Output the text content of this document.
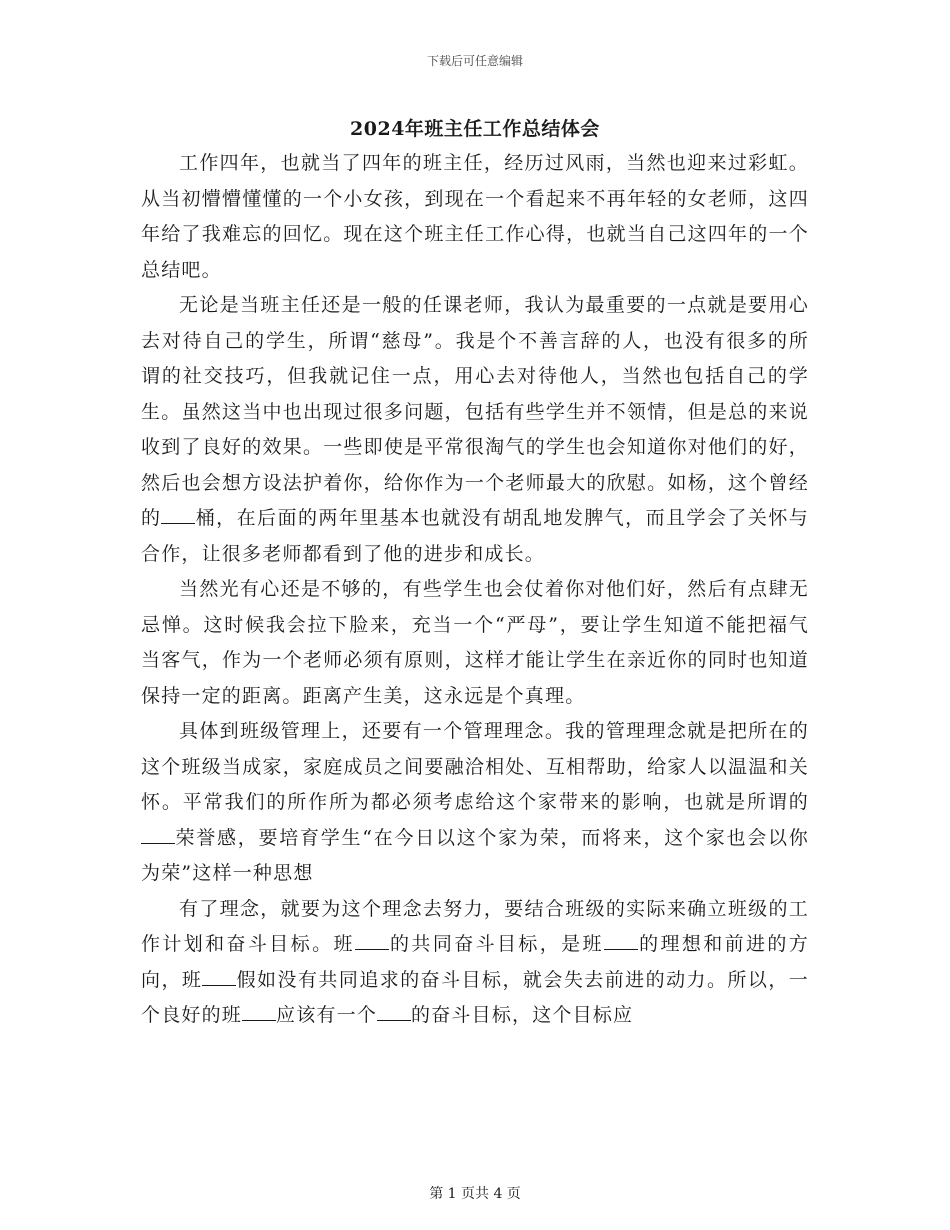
下载后可任意编辑
2024年班主任工作总结体会

工作四年，也就当了四年的班主任，经历过风雨，当然也迎来过彩虹。从当初懵懵懂懂的一个小女孩，到现在一个看起来不再年轻的女老师，这四年给了我难忘的回忆。现在这个班主任工作心得，也就当自己这四年的一个总结吧。

无论是当班主任还是一般的任课老师，我认为最重要的一点就是要用心去对待自己的学生，所谓“慈母”。我是个不善言辞的人，也没有很多的所谓的社交技巧，但我就记住一点，用心去对待他人，当然也包括自己的学生。虽然这当中也出现过很多问题，包括有些学生并不领情，但是总的来说收到了良好的效果。一些即使是平常很淘气的学生也会知道你对他们的好，然后也会想方设法护着你，给你作为一个老师最大的欣慰。如杨，这个曾经的 桶，在后面的两年里基本也就没有胡乱地发脾气，而且学会了关怀与合作，让很多老师都看到了他的进步和成长。

当然光有心还是不够的，有些学生也会仗着你对他们好，然后有点肆无忌惮。这时候我会拉下脸来，充当一个“严母”，要让学生知道不能把福气当客气，作为一个老师必须有原则，这样才能让学生在亲近你的同时也知道保持一定的距离。距离产生美，这永远是个真理。

具体到班级管理上，还要有一个管理理念。我的管理理念就是把所在的这个班级当成家，家庭成员之间要融洽相处、互相帮助，给家人以温温和关怀。平常我们的所作所为都必须考虑给这个家带来的影响，也就是所谓的荣誉感，要培育学生“在今日以这个家为荣，而将来，这个家也会以你为荣”这样一种思想

有了理念，就要为这个理念去努力，要结合班级的实际来确立班级的工作计划和奋斗目标。班 的共同奋斗目标，是班 的理想和前进的方向，班 假如没有共同追求的奋斗目标，就会失去前进的动力。所以，一个良好的班 应该有一个 的奋斗目标，这个目标应

第 1 页共 4 页
